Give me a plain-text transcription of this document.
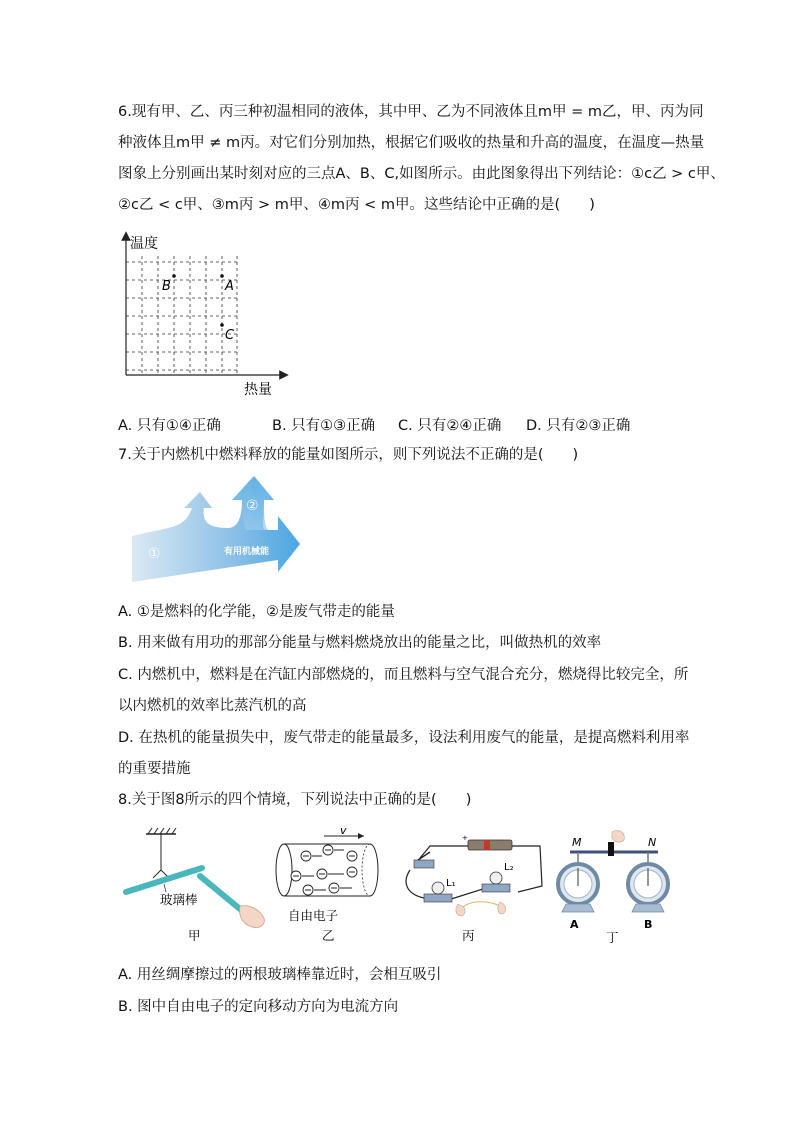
6.现有甲、乙、丙三种初温相同的液体，其中甲、乙为不同液体且m甲 = m乙，甲、丙为同
种液体且m甲 ≠ m丙。对它们分别加热，根据它们吸收的热量和升高的温度，在温度—热量
图象上分别画出某时刻对应的三点A、B、C,如图所示。由此图象得出下列结论：①c乙 > c甲、
②c乙 < c甲、③m丙 > m甲、④m丙 < m甲。这些结论中正确的是(　　)
B	A
C
温度
热量
A. 只有①④正确	B. 只有①③正确 C. 只有②④正确 D. 只有②③正确
7.关于内燃机中燃料释放的能量如图所示，则下列说法不正确的是(　　)
①
②
有用机械能
A. ①是燃料的化学能，②是废气带走的能量
B. 用来做有用功的那部分能量与燃料燃烧放出的能量之比，叫做热机的效率
C. 内燃机中，燃料是在汽缸内部燃烧的，而且燃料与空气混合充分，燃烧得比较完全，所
以内燃机的效率比蒸汽机的高
D. 在热机的能量损失中，废气带走的能量最多，设法利用废气的能量，是提高燃料利用率
的重要措施
8.关于图8所示的四个情境，下列说法中正确的是(　　)
玻璃棒
甲
v
自由电子
乙
+
L₁
L₂
丙
M	N
A	B
丁
A. 用丝绸摩擦过的两根玻璃棒靠近时，会相互吸引
B. 图中自由电子的定向移动方向为电流方向
